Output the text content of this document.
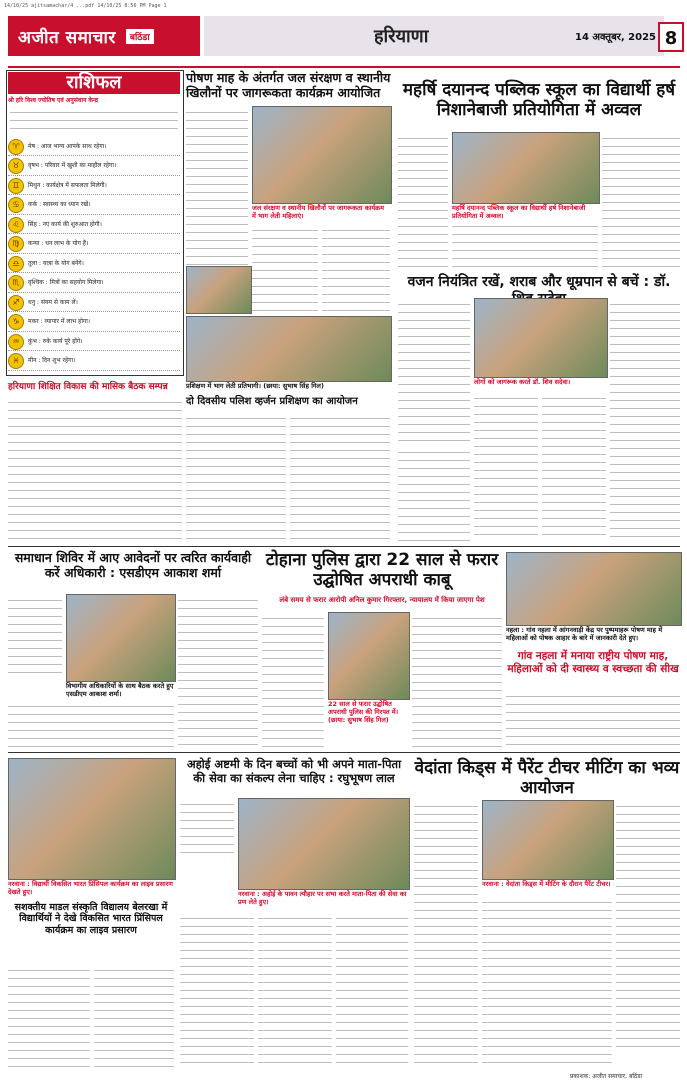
14/10/25 ajitsamachar/4 ...pdf 14/10/25 8:56 PM Page 1
अजीत समाचार	बठिंडा	हरियाणा	14 अक्तूबर, 2025 8
राशिफल
श्री हरि विश्व ज्योतिष एवं अनुसंधान केन्द्र
♈	मेष : आज भाग्य आपके साथ रहेगा।
♉	वृषभ : परिवार में खुशी का माहौल रहेगा।
♊	मिथुन : कार्यक्षेत्र में सफलता मिलेगी।
♋	कर्क : स्वास्थ्य का ध्यान रखें।
♌	सिंह : नए कार्य की शुरुआत होगी।
♍	कन्या : धन लाभ के योग हैं।
♎	तुला : यात्रा के योग बनेंगे।
♏	वृश्चिक : मित्रों का सहयोग मिलेगा।
♐	धनु : संयम से काम लें।
♑	मकर : व्यापार में लाभ होगा।
♒	कुंभ : रुके कार्य पूरे होंगे।
♓	मीन : दिन शुभ रहेगा।
पोषण माह के अंतर्गत जल संरक्षण व स्थानीय खिलौनों पर जागरूकता कार्यक्रम आयोजित
जल संरक्षण व स्थानीय खिलौनों पर जागरूकता कार्यक्रम में भाग लेती महिलाएं।
महर्षि दयानन्द पब्लिक स्कूल का विद्यार्थी हर्ष निशानेबाजी प्रतियोगिता में अव्वल
महर्षि दयानन्द पब्लिक स्कूल का विद्यार्थी हर्ष निशानेबाजी प्रतियोगिता में अव्वल।
प्रशिक्षण में भाग लेती प्रतिभागी। (छाया: सुभाष सिंह गिल)
दो दिवसीय पलिश व्हर्जन प्रशिक्षण का आयोजन
वजन नियंत्रित रखें, शराब और धूम्रपान से बचें : डॉ.
लोगों को जागरूक करते डॉ. शिव सदेवा।
हरियाणा शिक्षित विकास की मासिक बैठक सम्पन्न
समाधान शिविर में आए आवेदनों पर त्वरित कार्यवाही करें अधिकारी : एसडीएम आकाश शर्मा
विभागीय अधिकारियों के साथ बैठक करते हुए एसडीएम आकाश शर्मा।
टोहाना पुलिस द्वारा 22 साल से फरार उद्घोषित अपराधी काबू
लंबे समय से फरार आरोपी अनिल कुमार गिरफ्तार, न्यायालय में किया जाएगा पेश
22 साल से फरार उद्घोषित अपराधी पुलिस की गिरफ्त में। (छाया: सुभाष सिंह गिल)
नहला : गांव नहला में आंगनवाड़ी केंद्र पर पुष्पमाहरू पोषण माह में महिलाओं को पोषक आहार के बारे में जानकारी देते हुए।
गांव नहला में मनाया राष्ट्रीय पोषण माह, महिलाओं को दी स्वास्थ्य व स्वच्छता की सीख
नरवाना : विद्यार्थी विकसित भारत प्रिंसिपल कार्यक्रम का लाइव प्रसारण देखते हुए।
सशक्तीय माडल संस्कृति विद्यालय बेलरखा में विद्यार्थियों ने देखे विकसित भारत प्रिंसिपल कार्यक्रम का लाइव प्रसारण
अहोई अष्टमी के दिन बच्चों को भी अपने माता-पिता की सेवा का संकल्प लेना चाहिए : रघुभूषण लाल
नरवाना : अहोई के पावन त्यौहार पर सभा करते माता-पिता की सेवा का प्रण लेते हुए।
वेदांता किड्स में पैरेंट टीचर मीटिंग का भव्य आयोजन
नरवाना : वेदांता किड्स में मीटिंग के दौरान पैरेंट टीचर।
प्रकाशक: अजीत समाचार, बठिंडा
